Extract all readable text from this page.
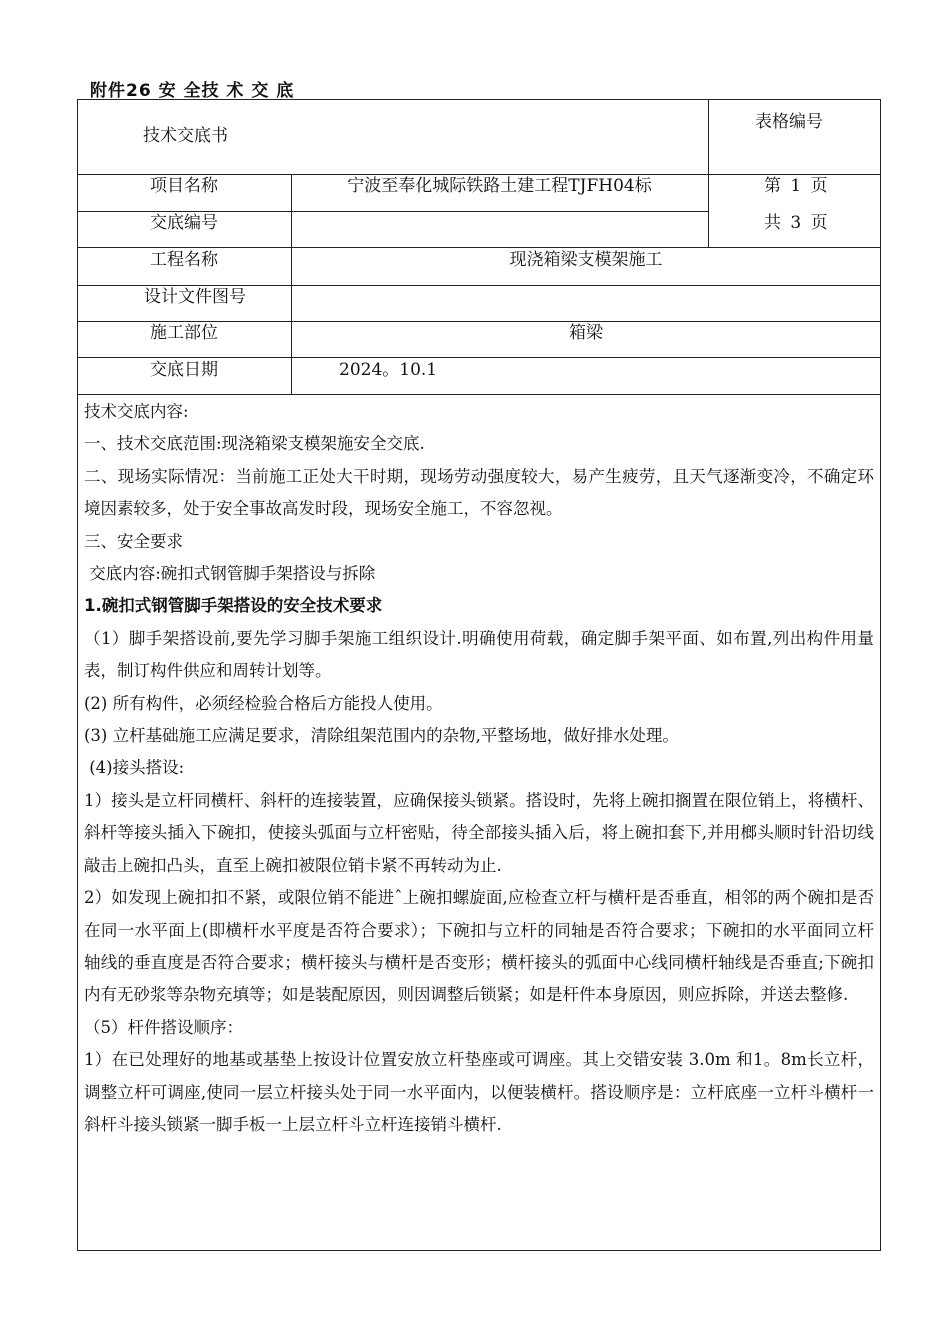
附件26 安 全技 术 交 底
技术交底书
表格编号
第 1 页
共 3 页
项目名称
交底编号
工程名称
设计文件图号
施工部位
交底日期
宁波至奉化城际铁路土建工程TJFH04标
现浇箱梁支模架施工
箱梁
2024。10.1

技术交底内容:

一、技术交底范围:现浇箱梁支模架施安全交底.

二、现场实际情况：当前施工正处大干时期，现场劳动强度较大，易产生疲劳，且天气逐渐变冷，不确定环境因素较多，处于安全事故高发时段，现场安全施工，不容忽视。

三、安全要求

交底内容:碗扣式钢管脚手架搭设与拆除

1.碗扣式钢管脚手架搭设的安全技术要求

（1）脚手架搭设前,要先学习脚手架施工组织设计.明确使用荷载，确定脚手架平面、如布置,列出构件用量表，制订构件供应和周转计划等。

(2) 所有构件，必须经检验合格后方能投人使用。

(3) 立杆基础施工应满足要求，清除组架范围内的杂物,平整场地，做好排水处理。

(4)接头搭设:

1）接头是立杆同横杆、斜杆的连接装置，应确保接头锁紧。搭设时，先将上碗扣搁置在限位销上，将横杆、斜杆等接头插入下碗扣，使接头弧面与立杆密贴，待全部接头插入后，将上碗扣套下,并用榔头顺时针沿切线敲击上碗扣凸头，直至上碗扣被限位销卡紧不再转动为止.

2）如发现上碗扣扣不紧，或限位销不能进ˆ上碗扣螺旋面,应检查立杆与横杆是否垂直，相邻的两个碗扣是否在同一水平面上(即横杆水平度是否符合要求）；下碗扣与立杆的同轴是否符合要求；下碗扣的水平面同立杆轴线的垂直度是否符合要求；横杆接头与横杆是否变形；横杆接头的弧面中心线同横杆轴线是否垂直;下碗扣内有无砂浆等杂物充填等；如是装配原因，则因调整后锁紧；如是杆件本身原因，则应拆除，并送去整修.

（5）杆件搭设顺序：

1）在已处理好的地基或基垫上按设计位置安放立杆垫座或可调座。其上交错安装 3.0m 和1。8m长立杆，调整立杆可调座,使同一层立杆接头处于同一水平面内，以便装横杆。搭设顺序是：立杆底座一立杆斗横杆一斜杆斗接头锁紧一脚手板一上层立杆斗立杆连接销斗横杆.
